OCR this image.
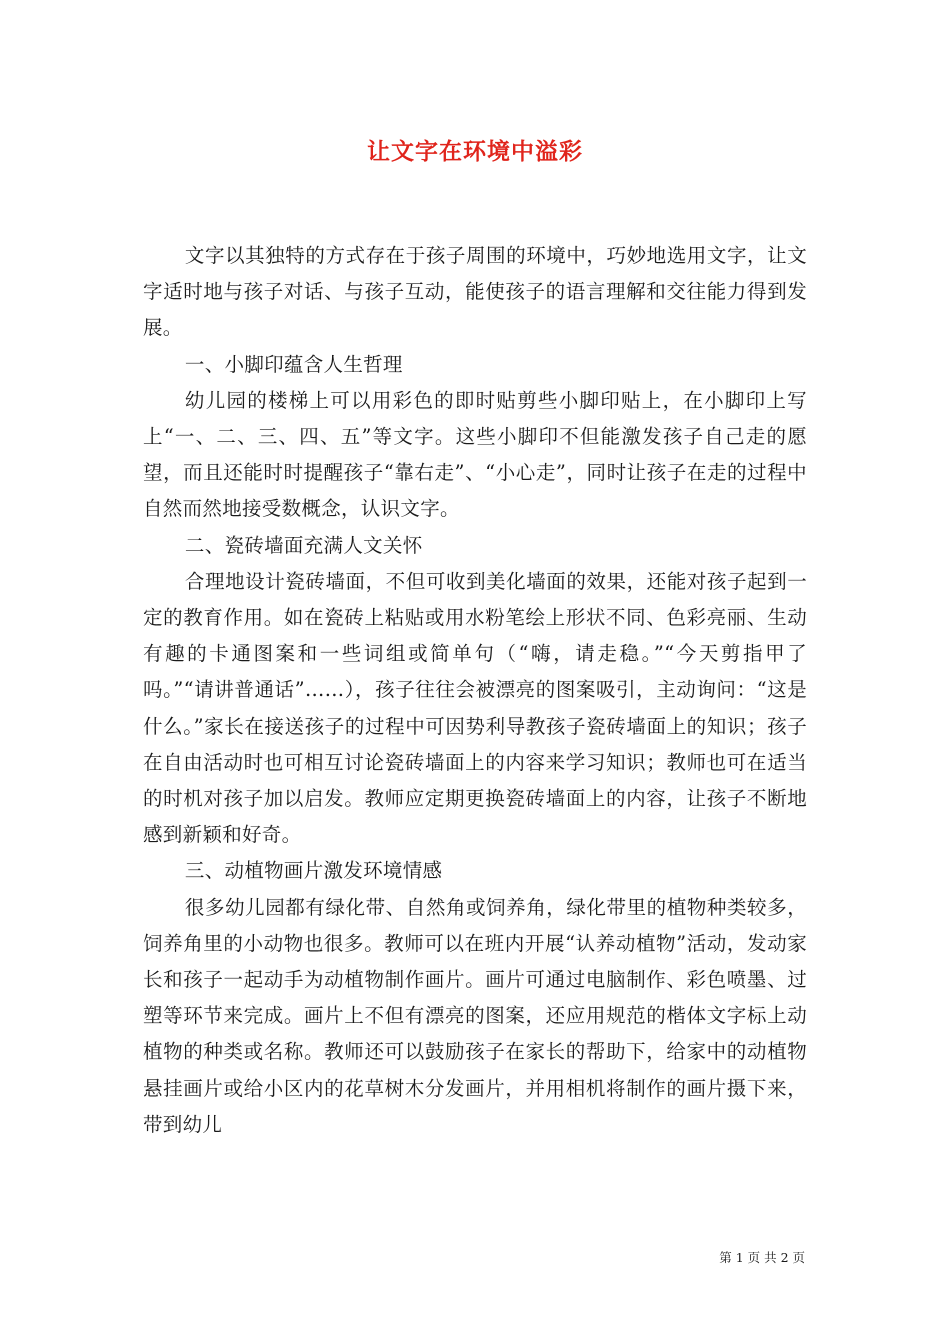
让文字在环境中溢彩

文字以其独特的方式存在于孩子周围的环境中，巧妙地选用文字，让文字适时地与孩子对话、与孩子互动，能使孩子的语言理解和交往能力得到发展。

一、小脚印蕴含人生哲理

幼儿园的楼梯上可以用彩色的即时贴剪些小脚印贴上，在小脚印上写上“一、二、三、四、五”等文字。这些小脚印不但能激发孩子自己走的愿望，而且还能时时提醒孩子“靠右走”、“小心走”，同时让孩子在走的过程中自然而然地接受数概念，认识文字。

二、瓷砖墙面充满人文关怀

合理地设计瓷砖墙面，不但可收到美化墙面的效果，还能对孩子起到一定的教育作用。如在瓷砖上粘贴或用水粉笔绘上形状不同、色彩亮丽、生动有趣的卡通图案和一些词组或简单句（“嗨，请走稳。”“今天剪指甲了吗。”“请讲普通话”……），孩子往往会被漂亮的图案吸引，主动询问：“这是什么。”家长在接送孩子的过程中可因势利导教孩子瓷砖墙面上的知识；孩子在自由活动时也可相互讨论瓷砖墙面上的内容来学习知识；教师也可在适当的时机对孩子加以启发。教师应定期更换瓷砖墙面上的内容，让孩子不断地感到新颖和好奇。

三、动植物画片激发环境情感

很多幼儿园都有绿化带、自然角或饲养角，绿化带里的植物种类较多，饲养角里的小动物也很多。教师可以在班内开展“认养动植物”活动，发动家长和孩子一起动手为动植物制作画片。画片可通过电脑制作、彩色喷墨、过塑等环节来完成。画片上不但有漂亮的图案，还应用规范的楷体文字标上动植物的种类或名称。教师还可以鼓励孩子在家长的帮助下，给家中的动植物悬挂画片或给小区内的花草树木分发画片，并用相机将制作的画片摄下来，带到幼儿

第 1 页 共 2 页
